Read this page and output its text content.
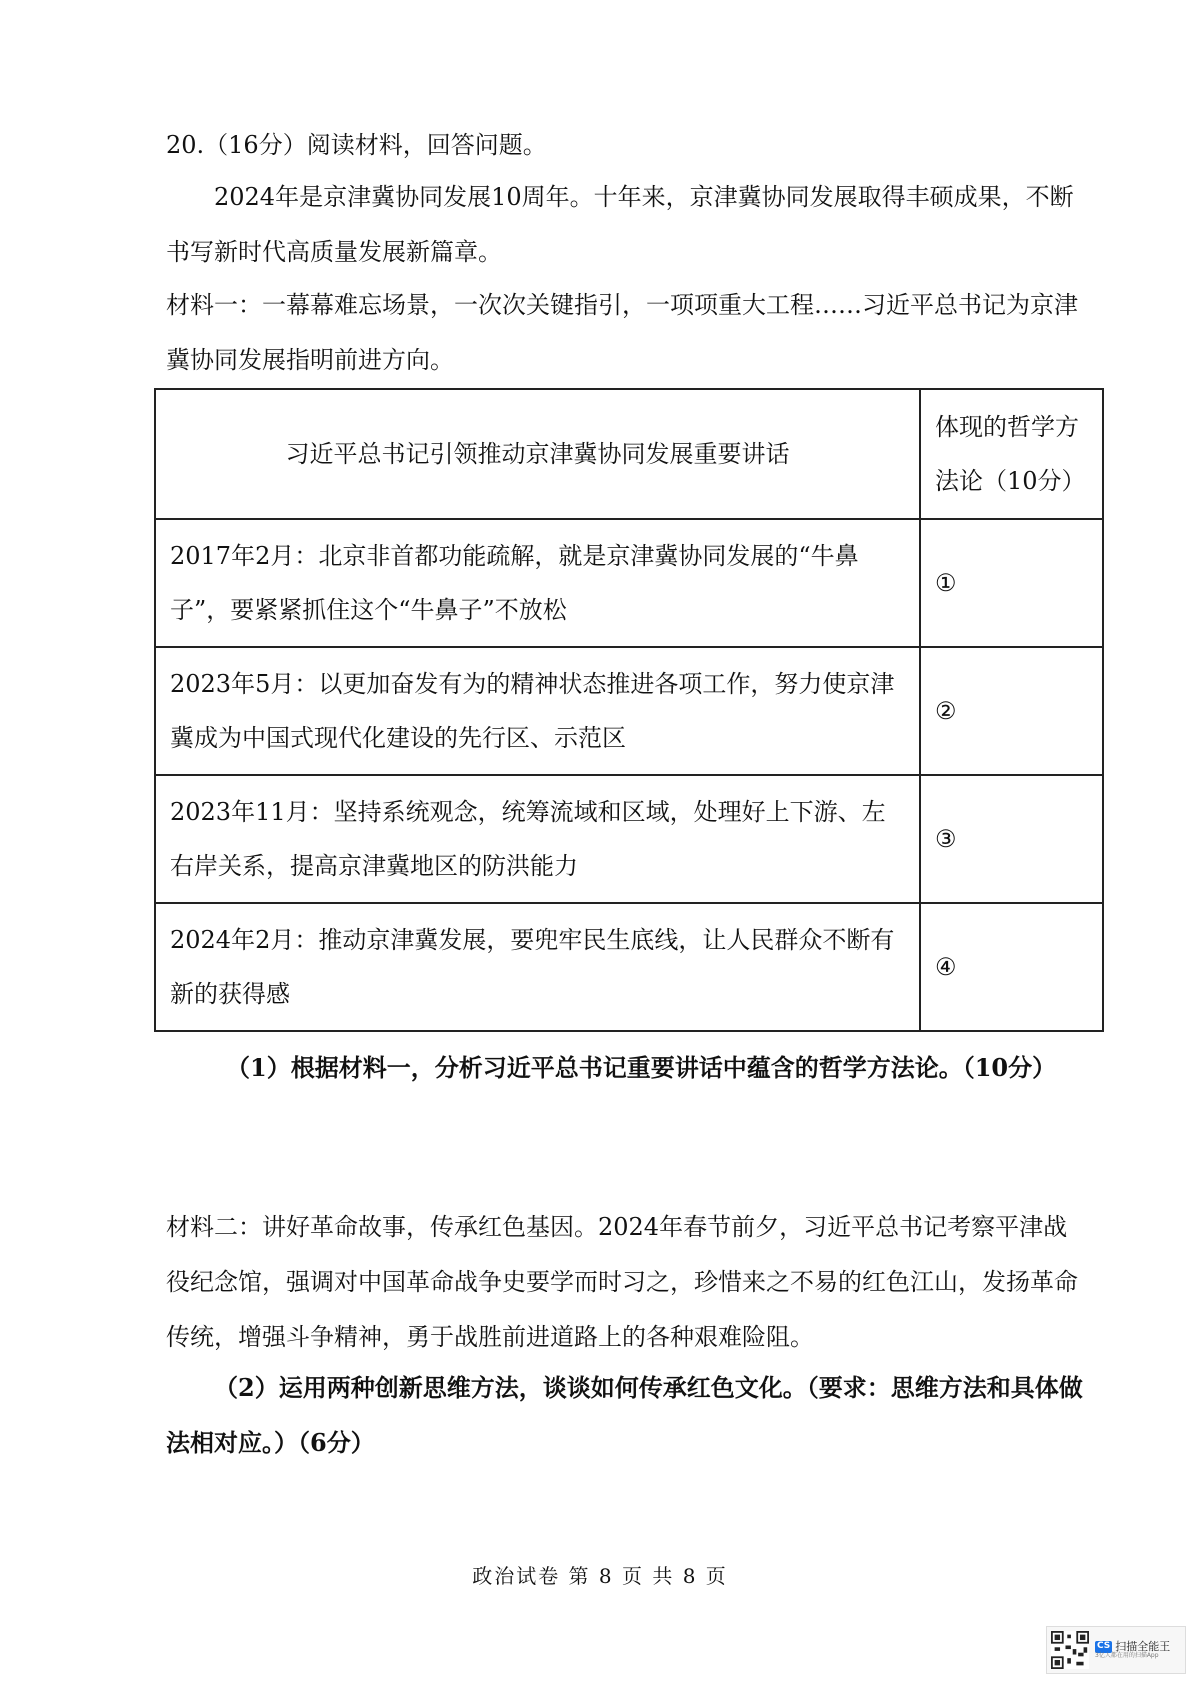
20.（16分）阅读材料，回答问题。

2024年是京津冀协同发展10周年。十年来，京津冀协同发展取得丰硕成果，不断书写新时代高质量发展新篇章。

材料一：一幕幕难忘场景，一次次关键指引，一项项重大工程……习近平总书记为京津冀协同发展指明前进方向。

习近平总书记引领推动京津冀协同发展重要讲话	体现的哲学方法论（10分）
2017年2月：北京非首都功能疏解，就是京津冀协同发展的“牛鼻子”，要紧紧抓住这个“牛鼻子”不放松	①
2023年5月：以更加奋发有为的精神状态推进各项工作，努力使京津冀成为中国式现代化建设的先行区、示范区	②
2023年11月：坚持系统观念，统筹流域和区域，处理好上下游、左右岸关系，提高京津冀地区的防洪能力	③
2024年2月：推动京津冀发展，要兜牢民生底线，让人民群众不断有新的获得感	④

（1）根据材料一，分析习近平总书记重要讲话中蕴含的哲学方法论。（10分）

材料二：讲好革命故事，传承红色基因。2024年春节前夕，习近平总书记考察平津战役纪念馆，强调对中国革命战争史要学而时习之，珍惜来之不易的红色江山，发扬革命传统，增强斗争精神，勇于战胜前进道路上的各种艰难险阻。

（2）运用两种创新思维方法，谈谈如何传承红色文化。（要求：思维方法和具体做法相对应。）（6分）

政治试卷 第 8 页 共 8 页
CS 扫描全能王
3亿人都在用的扫描App
